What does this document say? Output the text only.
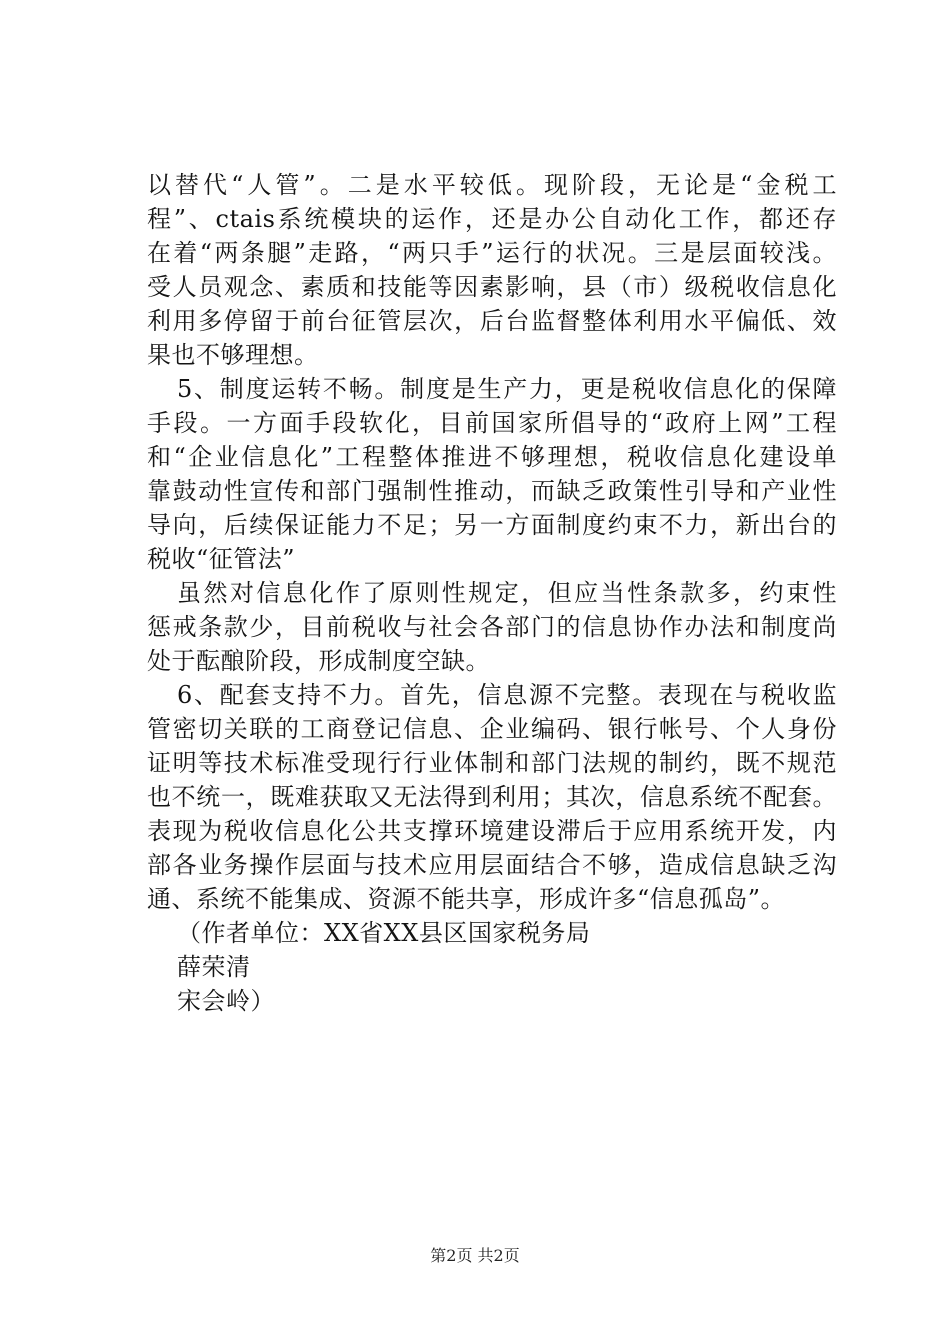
以替代“人管”。二是水平较低。现阶段，无论是“金税工
程”、ctais系统模块的运作，还是办公自动化工作，都还存
在着“两条腿”走路，“两只手”运行的状况。三是层面较浅。
受人员观念、素质和技能等因素影响，县（市）级税收信息化
利用多停留于前台征管层次，后台监督整体利用水平偏低、效
果也不够理想。
5、制度运转不畅。制度是生产力，更是税收信息化的保障
手段。一方面手段软化，目前国家所倡导的“政府上网”工程
和“企业信息化”工程整体推进不够理想，税收信息化建设单
靠鼓动性宣传和部门强制性推动，而缺乏政策性引导和产业性
导向，后续保证能力不足；另一方面制度约束不力，新出台的
税收“征管法”
虽然对信息化作了原则性规定，但应当性条款多，约束性
惩戒条款少，目前税收与社会各部门的信息协作办法和制度尚
处于酝酿阶段，形成制度空缺。
6、配套支持不力。首先，信息源不完整。表现在与税收监
管密切关联的工商登记信息、企业编码、银行帐号、个人身份
证明等技术标准受现行行业体制和部门法规的制约，既不规范
也不统一，既难获取又无法得到利用；其次，信息系统不配套。
表现为税收信息化公共支撑环境建设滞后于应用系统开发，内
部各业务操作层面与技术应用层面结合不够，造成信息缺乏沟
通、系统不能集成、资源不能共享，形成许多“信息孤岛”。
（作者单位：XX省XX县区国家税务局
薛荣清
宋会岭）
第2页 共2页
